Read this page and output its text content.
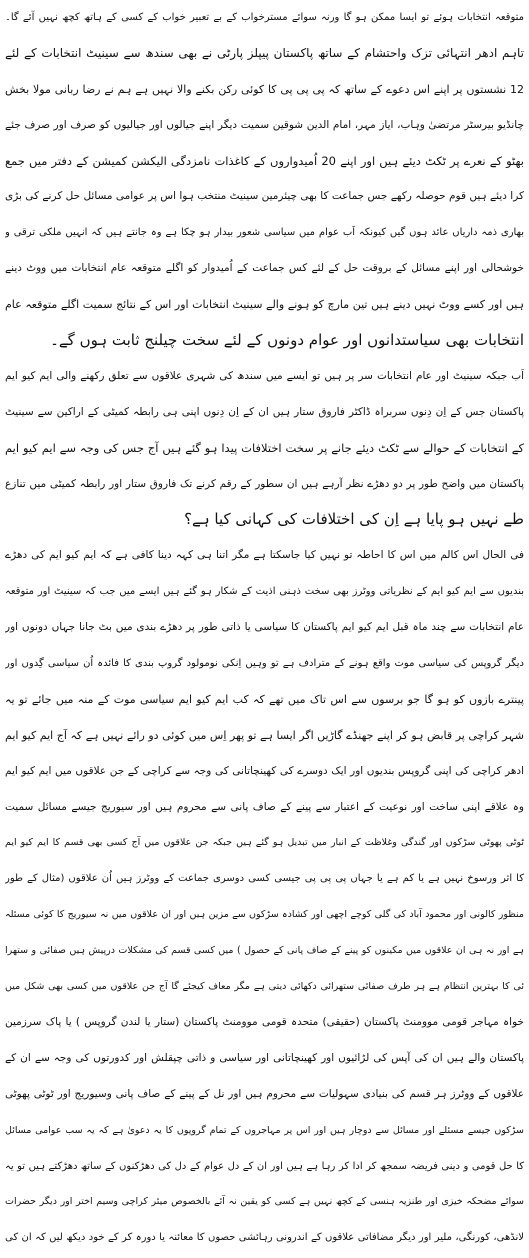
متوقعہ انتخابات ہوئے تو ایسا ممکن ہو گا ورنہ سوائے مسترخواب کے بے تعبیر خواب کے کسی کے ہاتھ کچھ نہیں آئے گا۔
تاہم ادھر انتہائی تزک واحتشام کے ساتھ پاکستان پیپلز پارٹی نے بھی سندھ سے سینیٹ انتخابات کے لئے
12 نشستوں پر اپنے اس دعوے کے ساتھ کہ پی پی پی کا کوئی رکن بکنے والا نہیں ہے ہم نے رضا ربانی مولا بخش
چانڈیو بیرسٹر مرتضیٰ وہاب، ایاز مہر، امام الدین شوقین سمیت دیگر اپنے جیالوں اور جیالیوں کو صرف اور صرف جئے
بھٹو کے نعرے پر ٹکٹ دیئے ہیں اور اپنے 20 اُمیدواروں کے کاغذات نامزدگی الیکشن کمیشن کے دفتر میں جمع
کرا دیئے ہیں قوم حوصلہ رکھے جس جماعت کا بھی چیئرمین سینیٹ منتخب ہوا اس پر عوامی مسائل حل کرنے کی بڑی
بھاری ذمہ داریاں عائد ہوں گیں کیونکہ اَب عوام میں سیاسی شعور بیدار ہو چکا ہے وہ جانتے ہیں کہ انہیں ملکی ترقی و
خوشحالی اور اپنے مسائل کے بروقت حل کے لئے کس جماعت کے اُمیدوار کو اگلے متوقعہ عام انتخابات میں ووٹ دینے
ہیں اور کسے ووٹ نہیں دینے ہیں تین مارچ کو ہونے والے سینیٹ انتخابات اور اس کے نتائج سمیت اگلے متوقعہ عام
انتخابات بھی سیاستدانوں اور عوام دونوں کے لئے سخت چیلنج ثابت ہوں گے۔
اَب جبکہ سینیٹ اور عام انتخابات سر پر ہیں تو ایسے میں سندھ کی شہری علاقوں سے تعلق رکھنے والی ایم کیو ایم
پاکستان جس کے اِن دِنوں سربراہ ڈاکٹر فاروق ستار ہیں ان کے اِن دِنوں اپنی ہی رابطہ کمیٹی کے اراکین سے سینیٹ
کے انتخابات کے حوالے سے ٹکٹ دیئے جانے پر سخت اختلافات پیدا ہو گئے ہیں آج جس کی وجہ سے ایم کیو ایم
پاکستان میں واضح طور پر دو دھڑے نظر آرہے ہیں ان سطور کے رقم کرنے تک فاروق ستار اور رابطہ کمیٹی میں تنازع
طے نہیں ہو پایا ہے اِن کی اختلافات کی کہانی کیا ہے؟
فی الحال اس کالم میں اس کا احاطہ تو نہیں کیا جاسکتا ہے مگر اتنا ہی کہہ دینا کافی ہے کہ ایم کیو ایم کی دھڑے
بندیوں سے ایم کیو ایم کے نظریاتی ووٹرز بھی سخت ذہنی اذیت کے شکار ہو گئے ہیں ایسے میں جب کہ سینیٹ اور متوقعہ
عام انتخابات سے چند ماہ قبل ایم کیو ایم پاکستان کا سیاسی یا ذاتی طور پر دھڑے بندی میں بٹ جانا جہاں دونوں اور
دیگر گروپس کی سیاسی موت واقع ہونے کے مترادف ہے تو وہیں اِنکی نومولود گروپ بندی کا فائدہ اُن سیاسی گِدوں اور
پینترے بازوں کو ہو گا جو برسوں سے اس تاک میں تھے کہ کب ایم کیو ایم سیاسی موت کے منہ میں جائے تو یہ
شہر کراچی پر قابض ہو کر اپنے جھنڈے گاڑیں اگر ایسا ہے تو پھر اِس میں کوئی دو رائے نہیں ہے کہ آج ایم کیو ایم
ادھر کراچی کی اپنی گروپس بندیوں اور ایک دوسرے کی کھینچاتانی کی وجہ سے کراچی کے جن علاقوں میں ایم کیو ایم
وہ علاقے اپنی ساخت اور نوعیت کے اعتبار سے پینے کے صاف پانی سے محروم ہیں اور سیوریج جیسے مسائل سمیت
ٹوٹی پھوٹی سڑکوں اور گندگی وغلاظت کے انبار میں تبدیل ہو گئے ہیں جبکہ جن علاقوں میں آج کسی بھی قسم کا ایم کیو ایم
کا اثر ورسوخ نہیں ہے یا کم ہے یا جہاں پی پی پی جیسی کسی دوسری جماعت کے ووٹرز ہیں اُن علاقوں (مثال کے طور
منظور کالونی اور محمود آباد کی گلی کوچے اچھی اور کشادہ سڑکوں سے مزین ہیں اور ان علاقوں میں نہ سیوریج کا کوئی مسئلہ
ہے اور نہ ہی ان علاقوں میں مکینوں کو پینے کے صاف پانی کے حصول ) میں کسی قسم کی مشکلات درپیش ہیں صفائی و ستھرا
ئی کا بہترین انتظام ہے ہر طرف صفائی ستھرائی دکھائی دیتی ہے مگر معاف کیجئے گا آج جن علاقوں میں کسی بھی شکل میں
خواہ مہاجر قومی موومنٹ پاکستان (حقیقی) متحدہ قومی موومنٹ پاکستان (ستار یا لندن گروپس ) یا پاک سرزمین
پاکستان والے ہیں ان کی آپس کی لڑائیوں اور کھینچاتانی اور سیاسی و ذاتی چپقلش اور کدورتوں کی وجہ سے ان کے
علاقوں کے ووٹرز ہر قسم کی بنیادی سہولیات سے محروم ہیں اور نل کے پینے کے صاف پانی وسیوریج اور ٹوٹی پھوٹی
سڑکوں جیسے مسئلے اور مسائل سے دوچار ہیں اور اس پر مہاجروں کے تمام گروپوں کا یہ دعویٰ ہے کہ یہ سب عوامی مسائل
کا حل قومی و دینی فریضہ سمجھ کر ادا کر رہا ہے ہیں اور ان کے دل عوام کے دل کی دھڑکنوں کے ساتھ دھڑکتے ہیں تو یہ
سوائے مضحکہ خیزی اور طنزیہ ہنسی کے کچھ نہیں ہے کسی کو یقین نہ آئے بالخصوص میئر کراچی وسیم اختر اور دیگر حضرات
لانڈھی، کورنگی، ملیر اور دیگر مضافاتی علاقوں کے اندرونی رہائشی حصوں کا معائنہ یا دورہ کر کے خود دیکھ لیں کہ ان کی
